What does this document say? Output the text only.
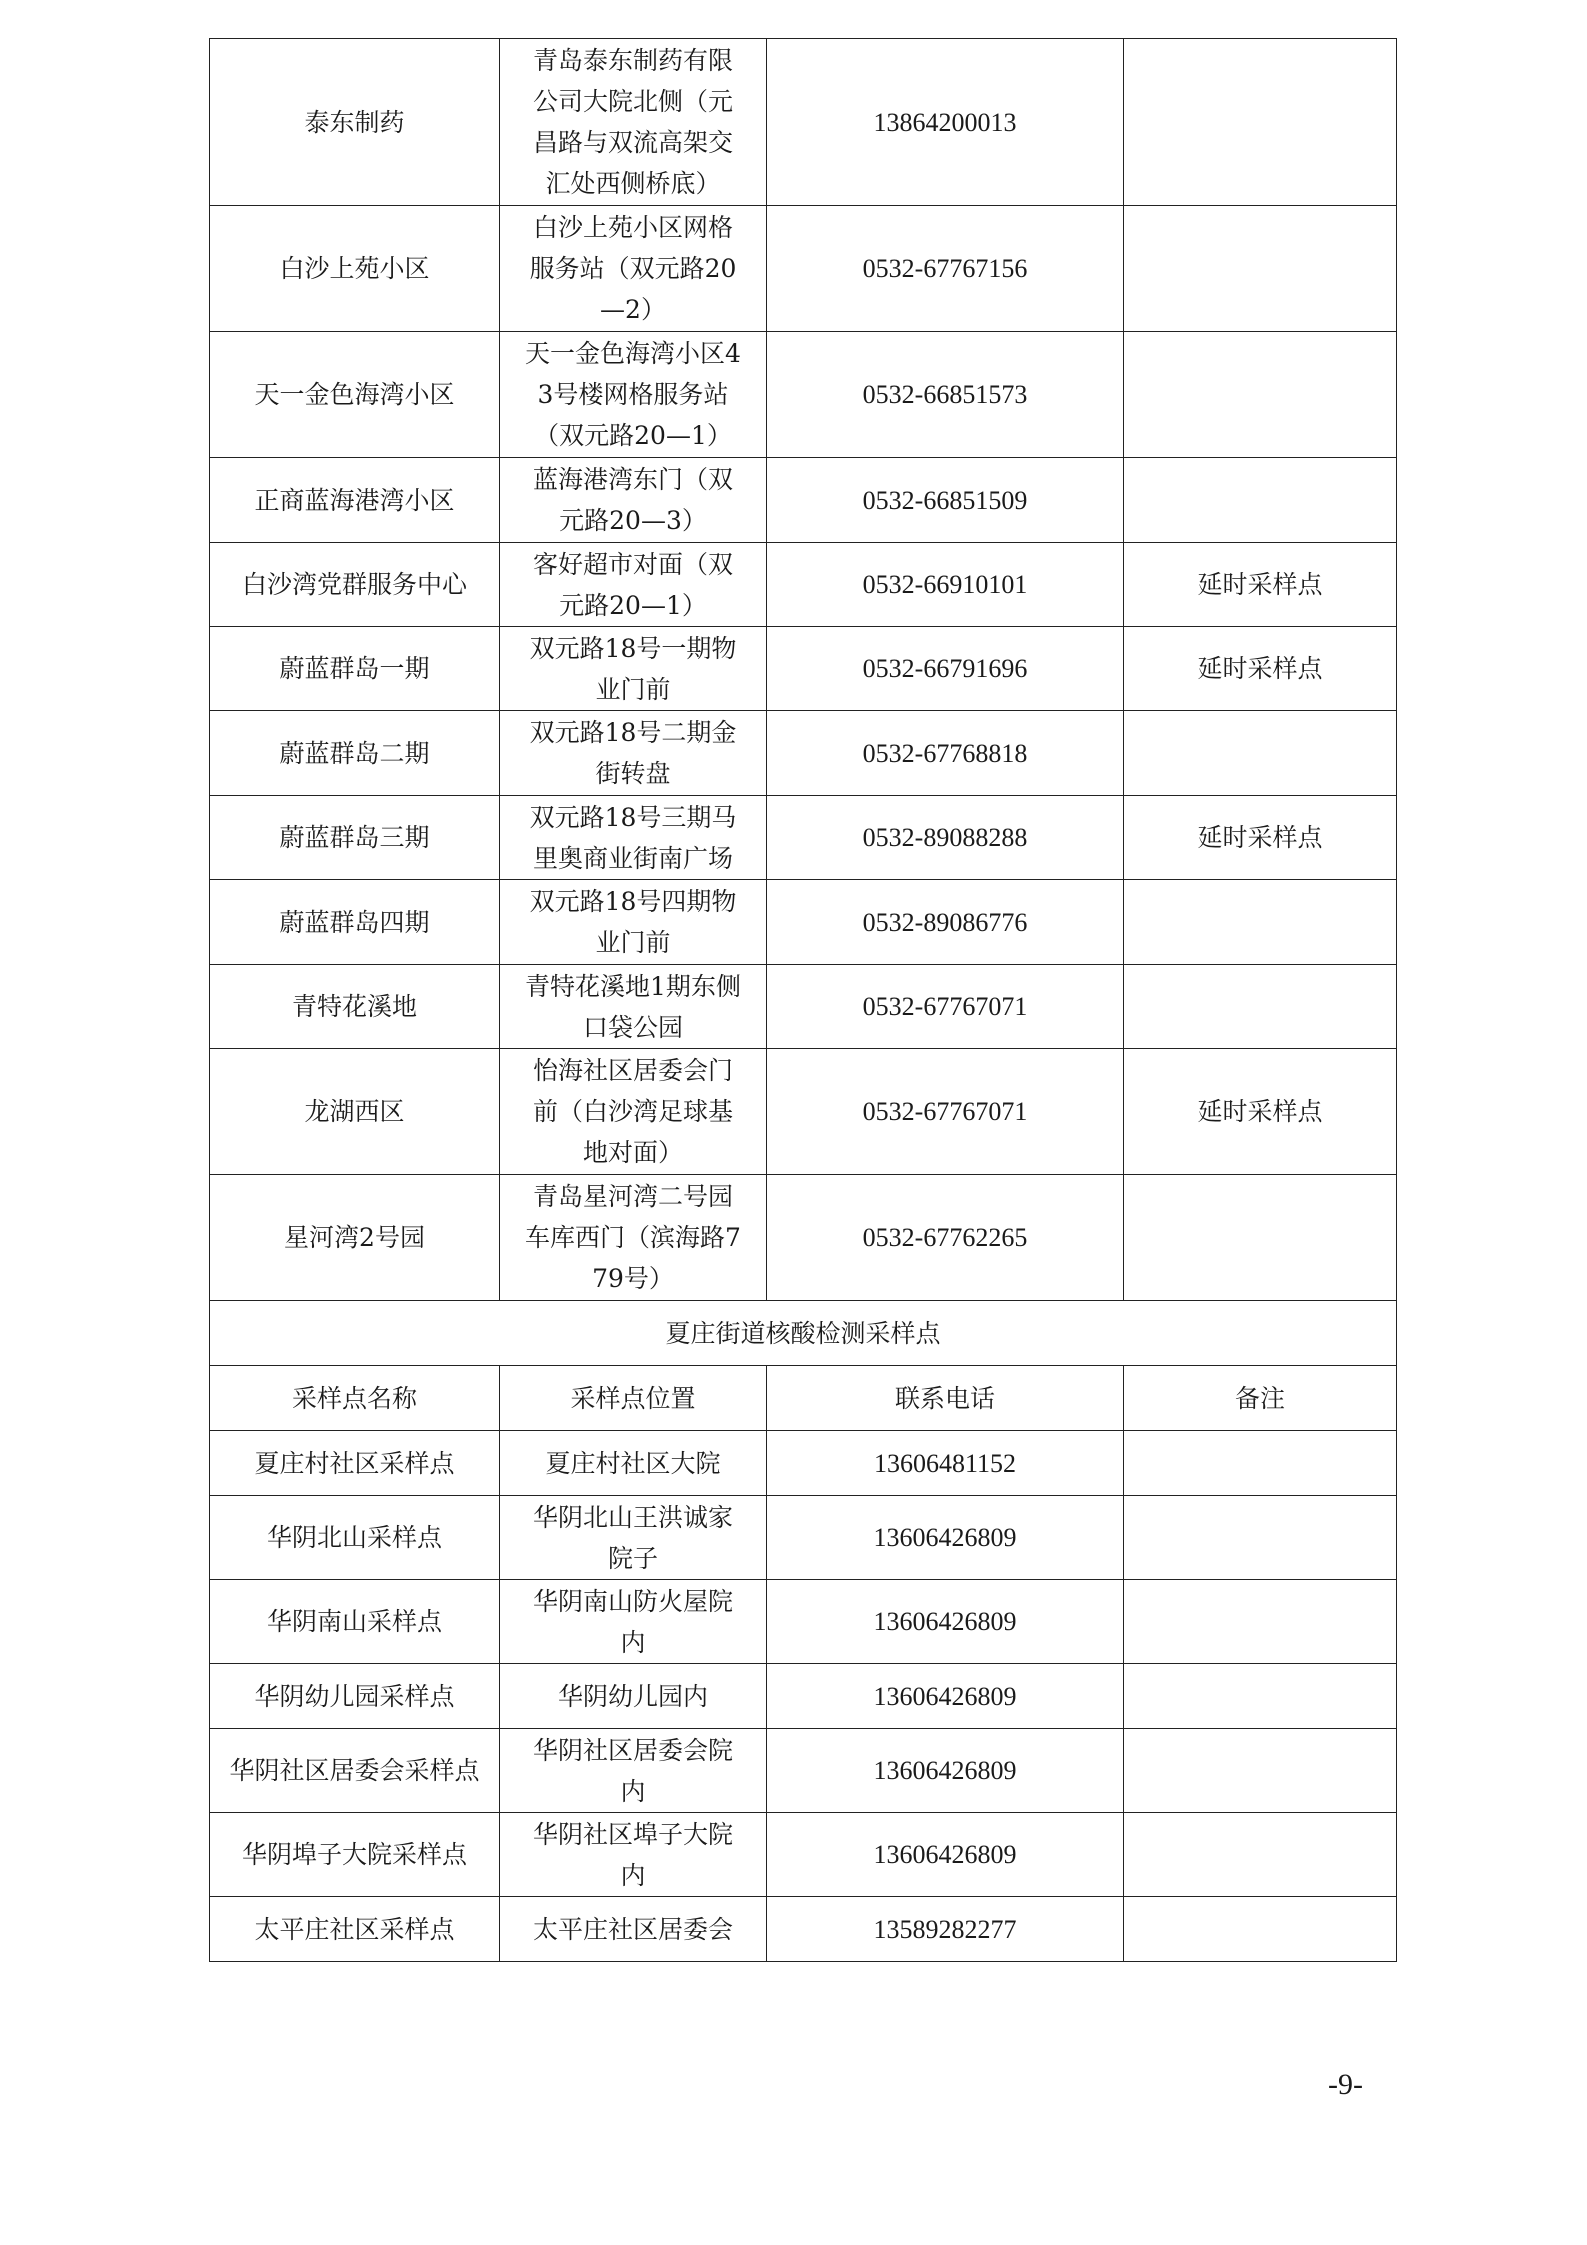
泰东制药	青岛泰东制药有限公司大院北侧（元昌路与双流高架交汇处西侧桥底）	13864200013	
白沙上苑小区	白沙上苑小区网格服务站（双元路20—2）	0532-67767156	
天一金色海湾小区	天一金色海湾小区43号楼网格服务站（双元路20—1）	0532-66851573	
正商蓝海港湾小区	蓝海港湾东门（双元路20—3）	0532-66851509	
白沙湾党群服务中心	客好超市对面（双元路20—1）	0532-66910101	延时采样点
蔚蓝群岛一期	双元路18号一期物业门前	0532-66791696	延时采样点
蔚蓝群岛二期	双元路18号二期金街转盘	0532-67768818	
蔚蓝群岛三期	双元路18号三期马里奥商业街南广场	0532-89088288	延时采样点
蔚蓝群岛四期	双元路18号四期物业门前	0532-89086776	
青特花溪地	青特花溪地1期东侧口袋公园	0532-67767071	
龙湖西区	怡海社区居委会门前（白沙湾足球基地对面）	0532-67767071	延时采样点
星河湾2号园	青岛星河湾二号园车库西门（滨海路779号）	0532-67762265	
夏庄街道核酸检测采样点			
采样点名称	采样点位置	联系电话	备注
夏庄村社区采样点	夏庄村社区大院	13606481152	
华阴北山采样点	华阴北山王洪诚家院子	13606426809	
华阴南山采样点	华阴南山防火屋院内	13606426809	
华阴幼儿园采样点	华阴幼儿园内	13606426809	
华阴社区居委会采样点	华阴社区居委会院内	13606426809	
华阴埠子大院采样点	华阴社区埠子大院内	13606426809	
太平庄社区采样点	太平庄社区居委会	13589282277	
-9-
